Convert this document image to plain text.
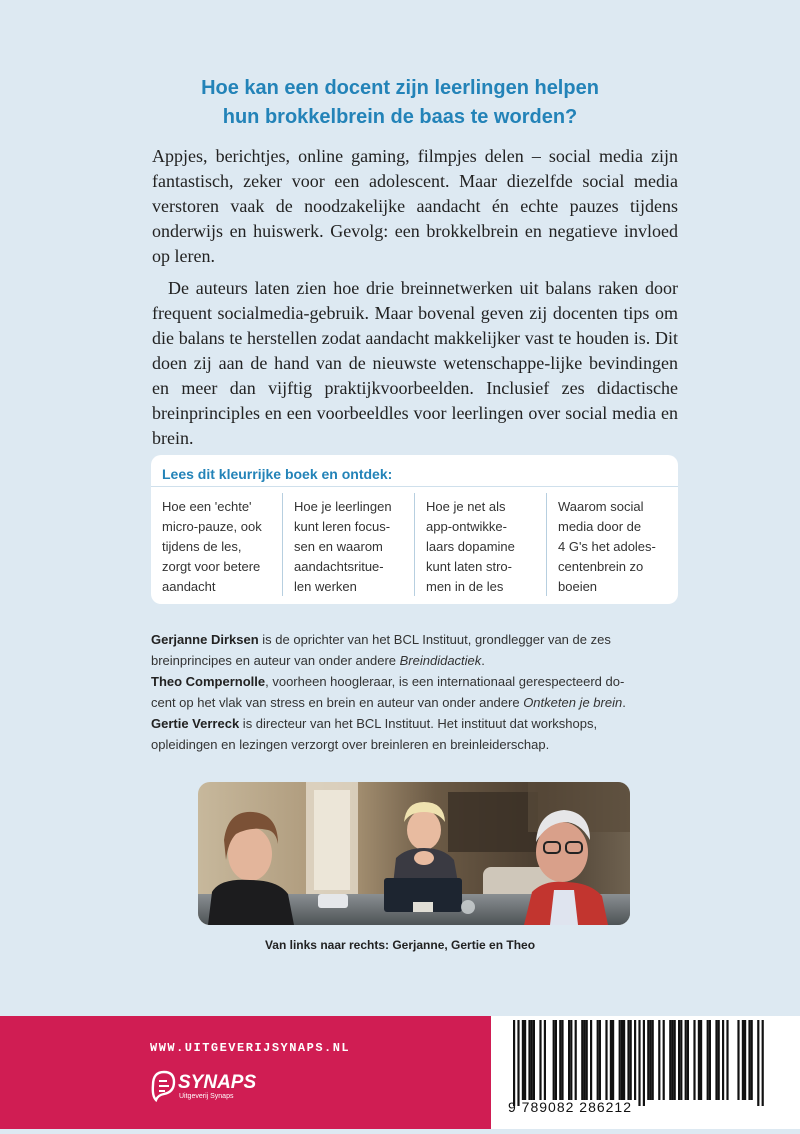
Hoe kan een docent zijn leerlingen helpen
hun brokkelbrein de baas te worden?

Appjes, berichtjes, online gaming, filmpjes delen – social media zijn fantastisch, zeker voor een adolescent. Maar diezelfde social media verstoren vaak de noodzakelijke aandacht én echte pauzes tijdens onderwijs en huiswerk. Gevolg: een brokkelbrein en negatieve invloed op leren.

De auteurs laten zien hoe drie breinnetwerken uit balans raken door frequent socialmedia-gebruik. Maar bovenal geven zij docenten tips om die balans te herstellen zodat aandacht makkelijker vast te houden is. Dit doen zij aan de hand van de nieuwste wetenschappe-lijke bevindingen en meer dan vijftig praktijkvoorbeelden. Inclusief zes didactische breinprinciples en een voorbeeldles voor leerlingen over social media en brein.

Lees dit kleurrijke boek en ontdek:
Hoe een 'echte'
micro-pauze, ook
tijdens de les,
zorgt voor betere
aandacht
Hoe je leerlingen
kunt leren focus-
sen en waarom
aandachtsritue-
len werken
Hoe je net als
app-ontwikke-
laars dopamine
kunt laten stro-
men in de les
Waarom social
media door de
4 G's het adoles-
centenbrein zo
boeien
Gerjanne Dirksen is de oprichter van het BCL Instituut, grondlegger van de zes
breinprincipes en auteur van onder andere Breindidactiek.
Theo Compernolle, voorheen hoogleraar, is een internationaal gerespecteerd do-
cent op het vlak van stress en brein en auteur van onder andere Ontketen je brein.
Gertie Verreck is directeur van het BCL Instituut. Het instituut dat workshops,
opleidingen en lezingen verzorgt over breinleren en breinleiderschap.
Van links naar rechts: Gerjanne, Gertie en Theo
WWW.UITGEVERIJSYNAPS.NL
SYNAPS
Uitgeverij Synaps
9 789082 286212
